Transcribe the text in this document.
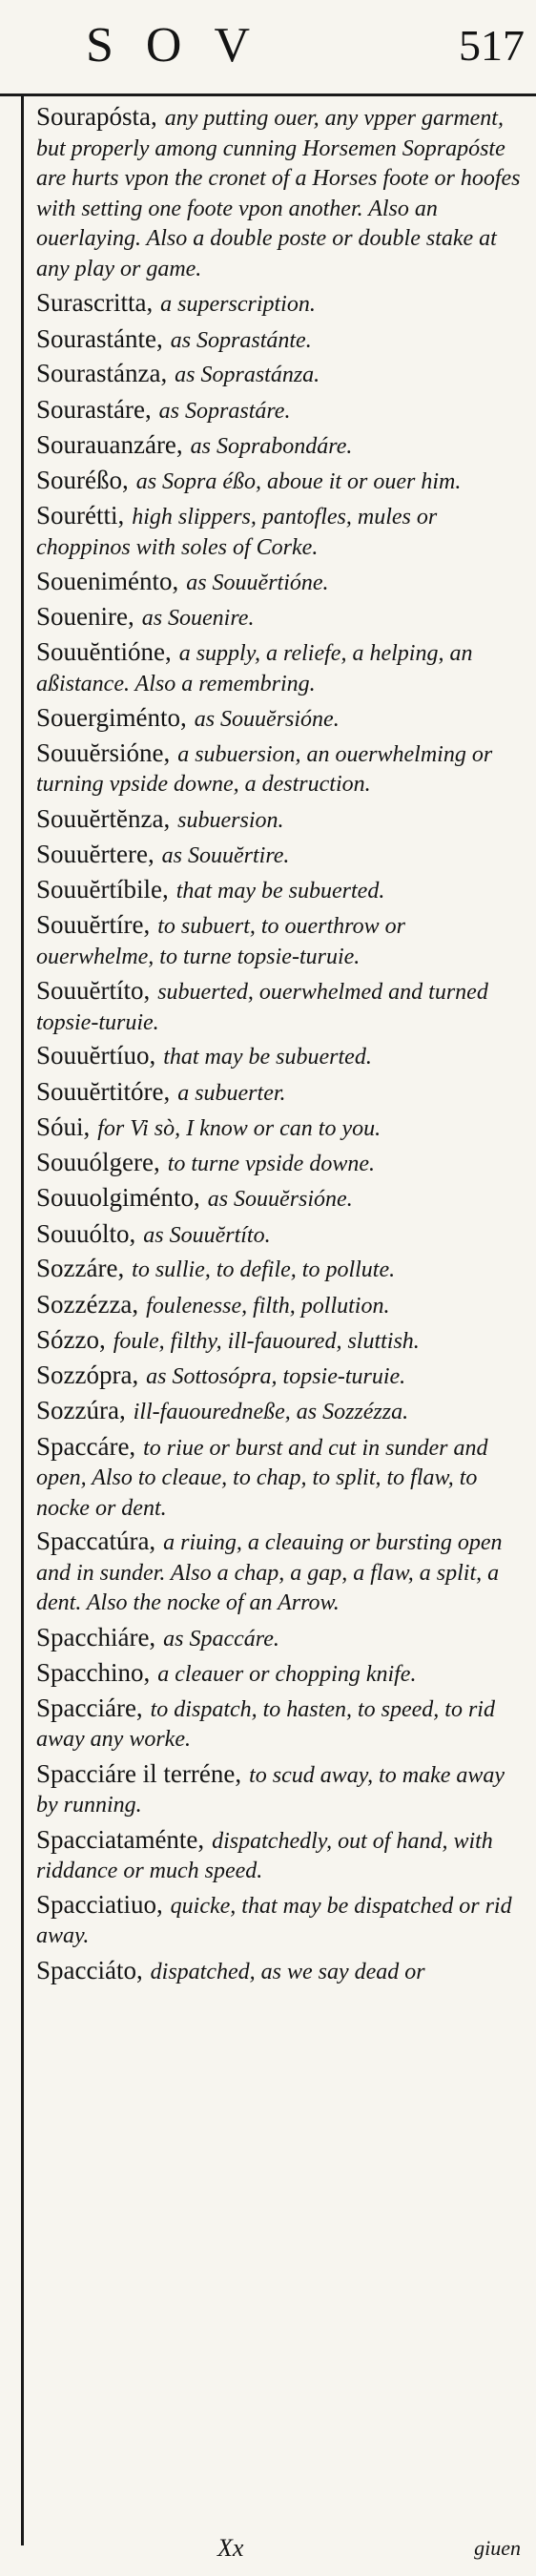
SOV	517

Sourapósta, any putting ouer, any vpper garment, but properly among cunning Horsemen Soprapóste are hurts vpon the cronet of a Horses foote or hoofes with setting one foote vpon another. Also an ouerlaying. Also a double poste or double stake at any play or game.

Surascritta, a superscription.

Sourastánte, as Soprastánte.

Sourastánza, as Soprastánza.

Sourastáre, as Soprastáre.

Sourauanzáre, as Soprabondáre.

Souréßo, as Sopra éßo, aboue it or ouer him.

Sourétti, high slippers, pantofles, mules or choppinos with soles of Corke.

Soueniménto, as Souuĕrtióne.

Souenire, as Souenire.

Souuĕntióne, a supply, a reliefe, a helping, an aßistance. Also a remembring.

Souergiménto, as Souuĕrsióne.

Souuĕrsióne, a subuersion, an ouerwhelming or turning vpside downe, a destruction.

Souuĕrtĕnza, subuersion.

Souuĕrtere, as Souuĕrtire.

Souuĕrtíbile, that may be subuerted.

Souuĕrtíre, to subuert, to ouerthrow or ouerwhelme, to turne topsie-turuie.

Souuĕrtíto, subuerted, ouerwhelmed and turned topsie-turuie.

Souuĕrtíuo, that may be subuerted.

Souuĕrtitóre, a subuerter.

Sóui, for Vi sò, I know or can to you.

Souuólgere, to turne vpside downe.

Souuolgiménto, as Souuĕrsióne.

Souuólto, as Souuĕrtíto.

Sozzáre, to sullie, to defile, to pollute.

Sozzézza, foulenesse, filth, pollution.

Sózzo, foule, filthy, ill-fauoured, sluttish.

Sozzópra, as Sottosópra, topsie-turuie.

Sozzúra, ill-fauouredneße, as Sozzézza.

Spaccáre, to riue or burst and cut in sunder and open, Also to cleaue, to chap, to split, to flaw, to nocke or dent.

Spaccatúra, a riuing, a cleauing or bursting open and in sunder. Also a chap, a gap, a flaw, a split, a dent. Also the nocke of an Arrow.

Spacchiáre, as Spaccáre.

Spacchino, a cleauer or chopping knife.

Spacciáre, to dispatch, to hasten, to speed, to rid away any worke.

Spacciáre il terréne, to scud away, to make away by running.

Spacciataménte, dispatchedly, out of hand, with riddance or much speed.

Spacciatiuo, quicke, that may be dispatched or rid away.

Spacciáto, dispatched, as we say dead or

Xx	giuen
